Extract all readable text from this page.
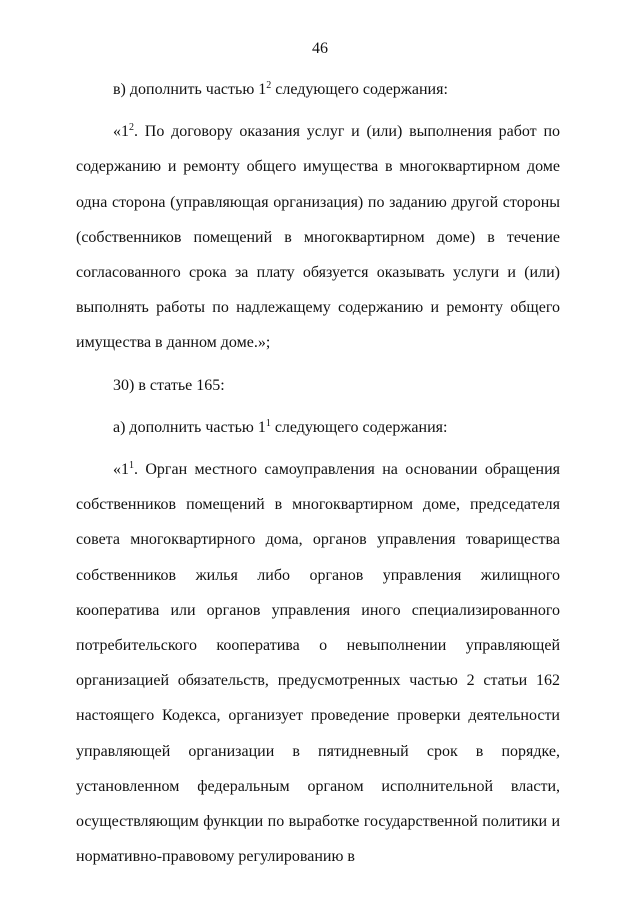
46

в) дополнить частью $1^2$ следующего содержания:

«$1^2$. По договору оказания услуг и (или) выполнения работ по содержанию и ремонту общего имущества в многоквартирном доме одна сторона (управляющая организация) по заданию другой стороны (собственников помещений в многоквартирном доме) в течение согласованного срока за плату обязуется оказывать услуги и (или) выполнять работы по надлежащему содержанию и ремонту общего имущества в данном доме.»;

30) в статье 165:

а) дополнить частью $1^1$ следующего содержания:

«$1^1$. Орган местного самоуправления на основании обращения собственников помещений в многоквартирном доме, председателя совета многоквартирного дома, органов управления товарищества собственников жилья либо органов управления жилищного кооператива или органов управления иного специализированного потребительского кооператива о невыполнении управляющей организацией обязательств, предусмотренных частью 2 статьи 162 настоящего Кодекса, организует проведение проверки деятельности управляющей организации в пятидневный срок в порядке, установленном федеральным органом исполнительной власти, осуществляющим функции по выработке государственной политики и нормативно-правовому регулированию в
